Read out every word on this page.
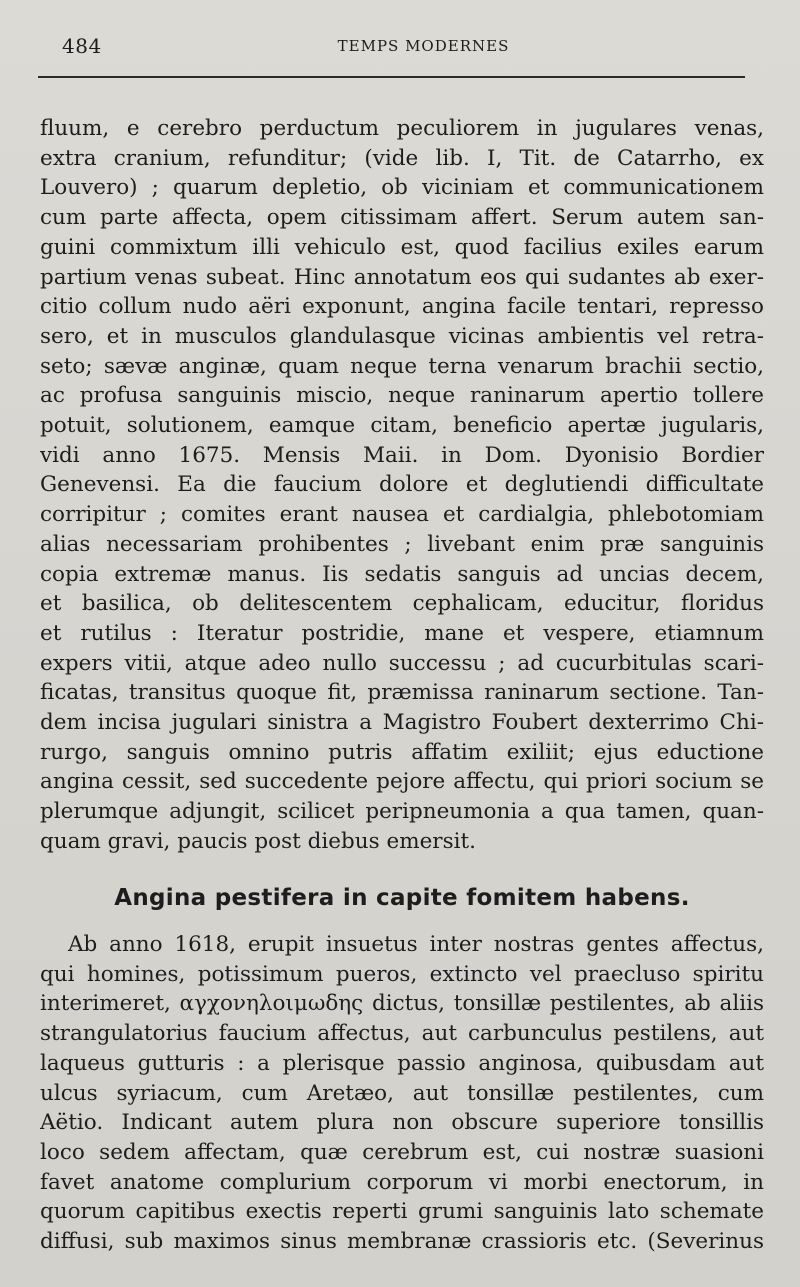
484	TEMPS MODERNES
fluum, e cerebro perductum peculiorem in jugulares venas,
extra cranium, refunditur; (vide lib. I, Tit. de Catarrho, ex
Louvero) ; quarum depletio, ob viciniam et communicationem
cum parte affecta, opem citissimam affert. Serum autem san-
guini commixtum illi vehiculo est, quod facilius exiles earum
partium venas subeat. Hinc annotatum eos qui sudantes ab exer-
citio collum nudo aëri exponunt, angina facile tentari, represso
sero, et in musculos glandulasque vicinas ambientis vel retra-
seto; sævæ anginæ, quam neque terna venarum brachii sectio,
ac profusa sanguinis miscio, neque raninarum apertio tollere
potuit, solutionem, eamque citam, beneficio apertæ jugularis,
vidi anno 1675. Mensis Maii. in Dom. Dyonisio Bordier
Genevensi. Ea die faucium dolore et deglutiendi difficultate
corripitur ; comites erant nausea et cardialgia, phlebotomiam
alias necessariam prohibentes ; livebant enim præ sanguinis
copia extremæ manus. Iis sedatis sanguis ad uncias decem,
et basilica, ob delitescentem cephalicam, educitur, floridus
et rutilus : Iteratur postridie, mane et vespere, etiamnum
expers vitii, atque adeo nullo successu ; ad cucurbitulas scari-
ficatas, transitus quoque fit, præmissa raninarum sectione. Tan-
dem incisa jugulari sinistra a Magistro Foubert dexterrimo Chi-
rurgo, sanguis omnino putris affatim exiliit; ejus eductione
angina cessit, sed succedente pejore affectu, qui priori socium se
plerumque adjungit, scilicet peripneumonia a qua tamen, quan-
quam gravi, paucis post diebus emersit.
Angina pestifera in capite fomitem habens.
Ab anno 1618, erupit insuetus inter nostras gentes affectus,
qui homines, potissimum pueros, extincto vel praecluso spiritu
interimeret, αγχονηλοιμωδης dictus, tonsillæ pestilentes, ab aliis
strangulatorius faucium affectus, aut carbunculus pestilens, aut
laqueus gutturis : a plerisque passio anginosa, quibusdam aut
ulcus syriacum, cum Aretæo, aut tonsillæ pestilentes, cum
Aëtio. Indicant autem plura non obscure superiore tonsillis
loco sedem affectam, quæ cerebrum est, cui nostræ suasioni
favet anatome complurium corporum vi morbi enectorum, in
quorum capitibus exectis reperti grumi sanguinis lato schemate
diffusi, sub maximos sinus membranæ crassioris etc. (Severinus
